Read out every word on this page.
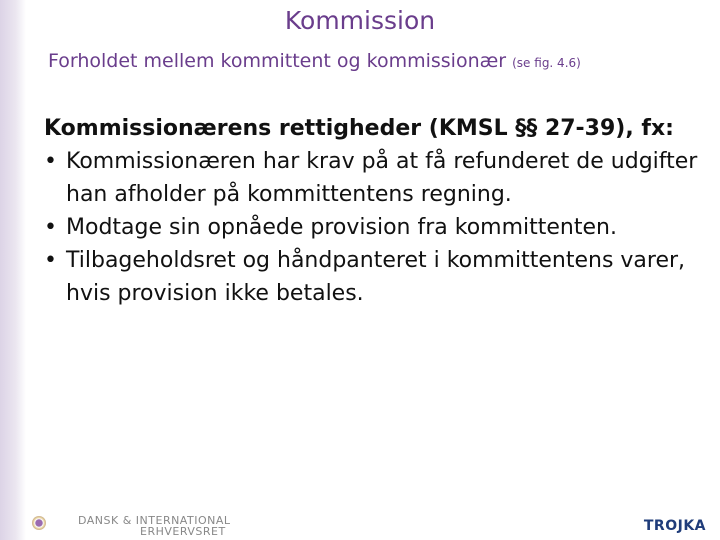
Kommission
Forholdet mellem kommittent og kommissionær (se fig. 4.6)

Kommissionærens rettigheder (KMSL §§ 27-39), fx:

• Kommissionæren har krav på at få refunderet de udgifter han afholder på kommittentens regning.
• Modtage sin opnåede provision fra kommittenten.
• Tilbageholdsret og håndpanteret i kommittentens varer, hvis provision ikke betales.
DANSK & INTERNATIONAL
ERHVERVSRET	TROJKA
